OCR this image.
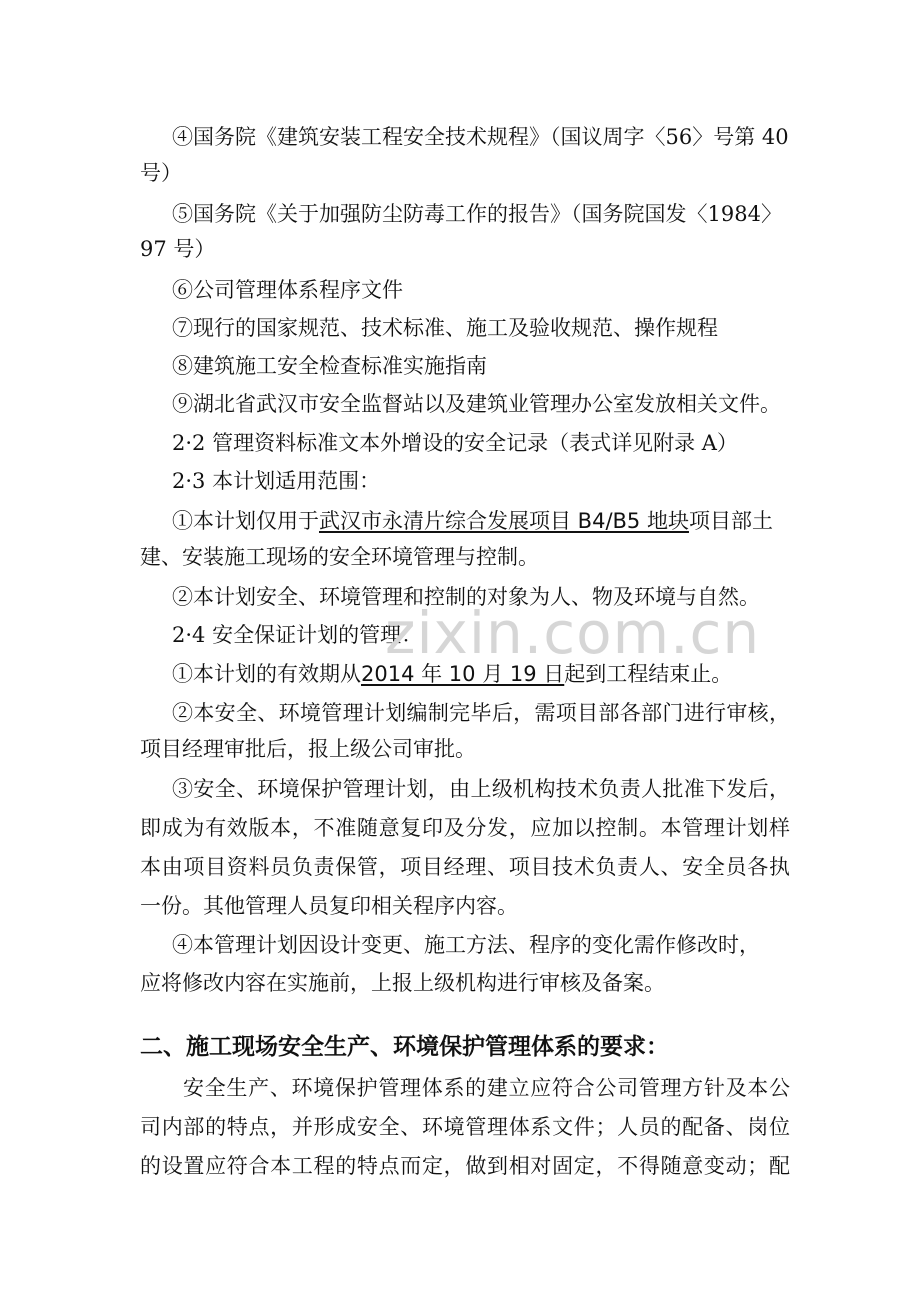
④国务院《建筑安装工程安全技术规程》（国议周字〈56〉号第 40

号）

⑤国务院《关于加强防尘防毒工作的报告》（国务院国发〈1984〉

97 号）

⑥公司管理体系程序文件

⑦现行的国家规范、技术标准、施工及验收规范、操作规程

⑧建筑施工安全检查标准实施指南

⑨湖北省武汉市安全监督站以及建筑业管理办公室发放相关文件。

2·2 管理资料标准文本外增设的安全记录（表式详见附录 A）

2·3 本计划适用范围：

①本计划仅用于武汉市永清片综合发展项目 B4/B5 地块项目部土

建、安装施工现场的安全环境管理与控制。

②本计划安全、环境管理和控制的对象为人、物及环境与自然。

2·4 安全保证计划的管理：

①本计划的有效期从2014 年 10 月 19 日起到工程结束止。

②本安全、环境管理计划编制完毕后，需项目部各部门进行审核，

项目经理审批后，报上级公司审批。

③安全、环境保护管理计划，由上级机构技术负责人批准下发后，

即成为有效版本，不准随意复印及分发，应加以控制。本管理计划样

本由项目资料员负责保管，项目经理、项目技术负责人、安全员各执

一份。其他管理人员复印相关程序内容。

④本管理计划因设计变更、施工方法、程序的变化需作修改时，

应将修改内容在实施前，上报上级机构进行审核及备案。

二、施工现场安全生产、环境保护管理体系的要求：

安全生产、环境保护管理体系的建立应符合公司管理方针及本公

司内部的特点，并形成安全、环境管理体系文件；人员的配备、岗位

的设置应符合本工程的特点而定，做到相对固定，不得随意变动；配

zixin.com.cn
